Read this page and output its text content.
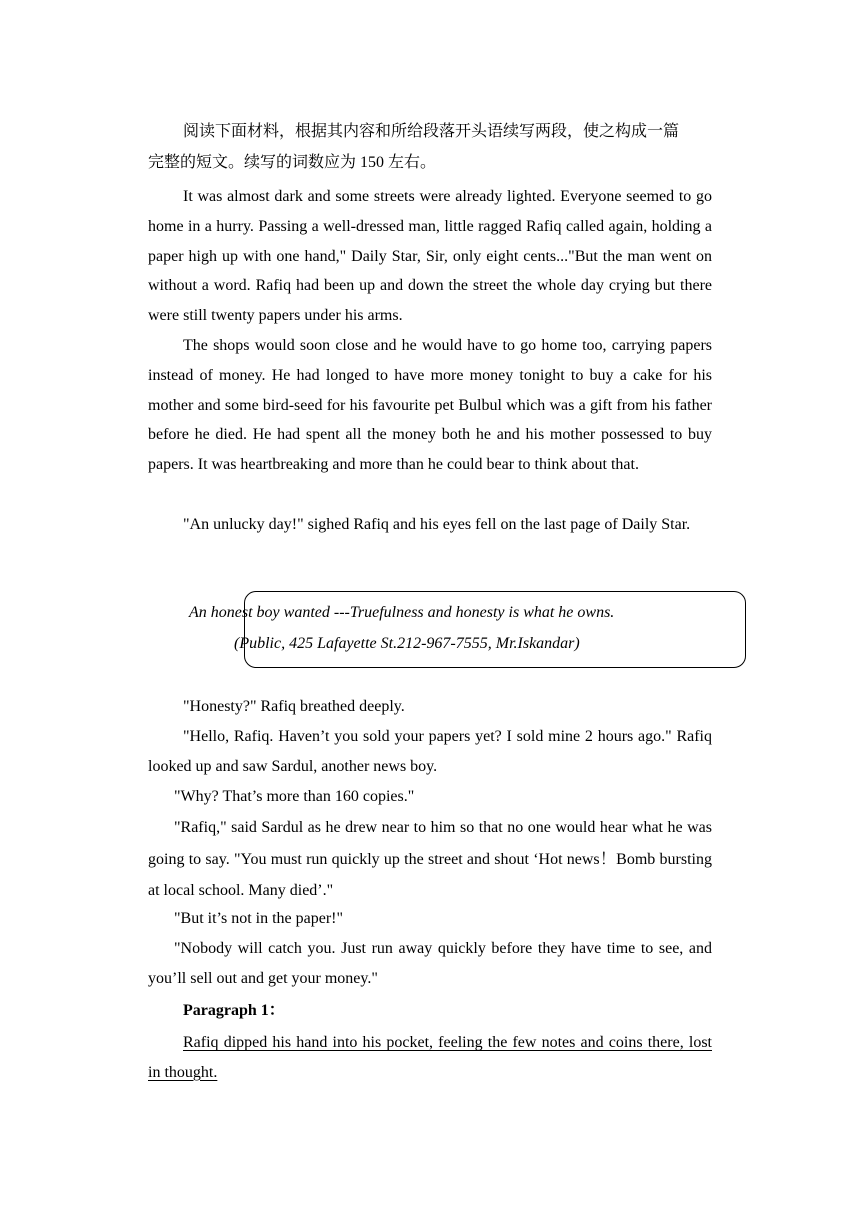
阅读下面材料，根据其内容和所给段落开头语续写两段，使之构成一篇
完整的短文。续写的词数应为 150 左右。

It was almost dark and some streets were already lighted. Everyone seemed to go home in a hurry. Passing a well-dressed man, little ragged Rafiq called again, holding a paper high up with one hand," Daily Star, Sir, only eight cents..."But the man went on without a word. Rafiq had been up and down the street the whole day crying but there were still twenty papers under his arms.

The shops would soon close and he would have to go home too, carrying papers instead of money. He had longed to have more money tonight to buy a cake for his mother and some bird-seed for his favourite pet Bulbul which was a gift from his father before he died. He had spent all the money both he and his mother possessed to buy papers. It was heartbreaking and more than he could bear to think about that.

"An unlucky day!" sighed Rafiq and his eyes fell on the last page of Daily Star.

An honest boy wanted ---Truefulness and honesty is what he owns.
(Public, 425 Lafayette St.212-967-7555, Mr.Iskandar)

"Honesty?" Rafiq breathed deeply.

"Hello, Rafiq. Haven’t you sold your papers yet? I sold mine 2 hours ago." Rafiq looked up and saw Sardul, another news boy.

"Why? That’s more than 160 copies."

"Rafiq," said Sardul as he drew near to him so that no one would hear what he was going to say. "You must run quickly up the street and shout ‘Hot news！Bomb bursting at local school. Many died’."

"But it’s not in the paper!"

"Nobody will catch you. Just run away quickly before they have time to see, and you’ll sell out and get your money."

Paragraph 1：

Rafiq dipped his hand into his pocket, feeling the few notes and coins there, lost in thought.
